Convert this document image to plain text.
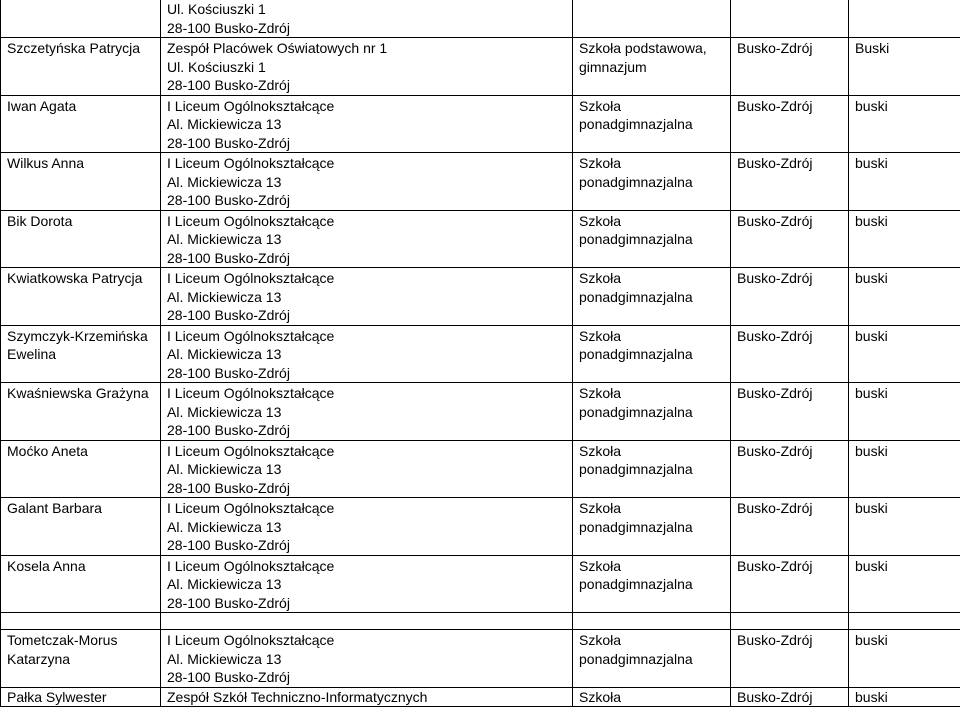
	Ul. Kościuszki 1
28-100 Busko-Zdrój			

Szczetyńska Patrycja	Zespół Placówek Oświatowych nr 1
Ul. Kościuszki 1
28-100 Busko-Zdrój	Szkoła podstawowa, gimnazjum	Busko-Zdrój	Buski
Iwan Agata	I Liceum Ogólnokształcące
Al. Mickiewicza 13
28-100 Busko-Zdrój	Szkoła ponadgimnazjalna	Busko-Zdrój	buski
Wilkus Anna	I Liceum Ogólnokształcące
Al. Mickiewicza 13
28-100 Busko-Zdrój	Szkoła ponadgimnazjalna	Busko-Zdrój	buski
Bik Dorota	I Liceum Ogólnokształcące
Al. Mickiewicza 13
28-100 Busko-Zdrój	Szkoła ponadgimnazjalna	Busko-Zdrój	buski
Kwiatkowska Patrycja	I Liceum Ogólnokształcące
Al. Mickiewicza 13
28-100 Busko-Zdrój	Szkoła ponadgimnazjalna	Busko-Zdrój	buski
Szymczyk-Krzemińska Ewelina	I Liceum Ogólnokształcące
Al. Mickiewicza 13
28-100 Busko-Zdrój	Szkoła ponadgimnazjalna	Busko-Zdrój	buski
Kwaśniewska Grażyna	I Liceum Ogólnokształcące
Al. Mickiewicza 13
28-100 Busko-Zdrój	Szkoła ponadgimnazjalna	Busko-Zdrój	buski
Moćko Aneta	I Liceum Ogólnokształcące
Al. Mickiewicza 13
28-100 Busko-Zdrój	Szkoła ponadgimnazjalna	Busko-Zdrój	buski
Galant Barbara	I Liceum Ogólnokształcące
Al. Mickiewicza 13
28-100 Busko-Zdrój	Szkoła ponadgimnazjalna	Busko-Zdrój	buski
Kosela Anna	I Liceum Ogólnokształcące
Al. Mickiewicza 13
28-100 Busko-Zdrój	Szkoła ponadgimnazjalna	Busko-Zdrój	buski

Tometczak-Morus Katarzyna	I Liceum Ogólnokształcące
Al. Mickiewicza 13
28-100 Busko-Zdrój	Szkoła ponadgimnazjalna	Busko-Zdrój	buski
Pałka Sylwester	Zespół Szkół Techniczno-Informatycznych	Szkoła	Busko-Zdrój	buski
